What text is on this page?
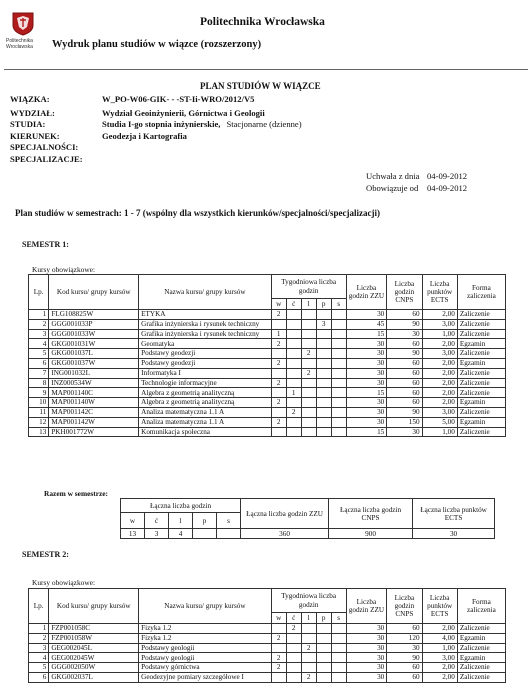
Politechnika
Wrocławska
Politechnika Wrocławska
Wydruk planu studiów w wiązce (rozszerzony)
PLAN STUDIÓW W WIĄZCE
WIĄZKA:	W_PO-W06-GIK- - -ST-Ii-WRO/2012/V5
WYDZIAŁ:	Wydział Geoinżynierii, Górnictwa i Geologii
STUDIA:	Studia I-go stopnia inżynierskie, Stacjonarne (dzienne)
KIERUNEK:	Geodezja i Kartografia
SPECJALNOŚCI:
SPECJALIZACJE:
Uchwała z dnia 04-09-2012
Obowiązuje od 04-09-2012
Plan studiów w semestrach: 1 - 7 (wspólny dla wszystkich kierunków/specjalności/specjalizacji)
SEMESTR 1:
Kursy obowiązkowe:
Lp.	Kod kursu/ grupy kursów	Nazwa kursu/ grupy kursów	Tygodniowa liczba godzin					Liczba godzin ZZU	Liczba godzin CNPS	Liczba punktów ECTS	Forma zaliczenia
			w	ć	l	p	s				
1	FLG108825W	ETYKA	2					30	60	2,00	Zaliczenie
2	GGG001033P	Grafika inżynierska i rysunek techniczny				3		45	90	3,00	Zaliczenie
3	GGG001033W	Grafika inżynierska i rysunek techniczny	1					15	30	1,00	Zaliczenie
4	GKG001031W	Geomatyka	2					30	60	2,00	Egzamin
5	GKG001037L	Podstawy geodezji			2			30	90	3,00	Zaliczenie
6	GKG001037W	Podstawy geodezji	2					30	60	2,00	Egzamin
7	ING001032L	Informatyka I			2			30	60	2,00	Zaliczenie
8	INZ000534W	Technologie informacyjne	2					30	60	2,00	Zaliczenie
9	MAP001140C	Algebra z geometrią analityczną		1				15	60	2,00	Zaliczenie
10	MAP001140W	Algebra z geometrią analityczną	2					30	60	2,00	Egzamin
11	MAP001142C	Analiza matematyczna 1.1 A		2				30	90	3,00	Zaliczenie
12	MAP001142W	Analiza matematyczna 1.1 A	2					30	150	5,00	Egzamin
13	PKH001772W	Komunikacja społeczna						15	30	1,00	Zaliczenie
Razem w semestrze:
Łączna liczba godzin					Łączna liczba godzin ZZU	Łączna liczba godzin CNPS	Łączna liczba punktów ECTS
w	ć	l	p	s			
13	3	4			360	900	30
SEMESTR 2:
Kursy obowiązkowe:
Lp.	Kod kursu/ grupy kursów	Nazwa kursu/ grupy kursów	Tygodniowa liczba godzin					Liczba godzin ZZU	Liczba godzin CNPS	Liczba punktów ECTS	Forma zaliczenia
			w	ć	l	p	s				
1	FZP001058C	Fizyka 1.2		2				30	60	2,00	Zaliczenie
2	FZP001058W	Fizyka 1.2	2					30	120	4,00	Egzamin
3	GEG002045L	Podstawy geologii			2			30	30	1,00	Zaliczenie
4	GEG002045W	Podstawy geologii	2					30	90	3,00	Egzamin
5	GGG002050W	Podstawy górnictwa	2					30	60	2,00	Zaliczenie
6	GKG002037L	Geodezyjne pomiary szczegółowe I			2			30	60	2,00	Zaliczenie
